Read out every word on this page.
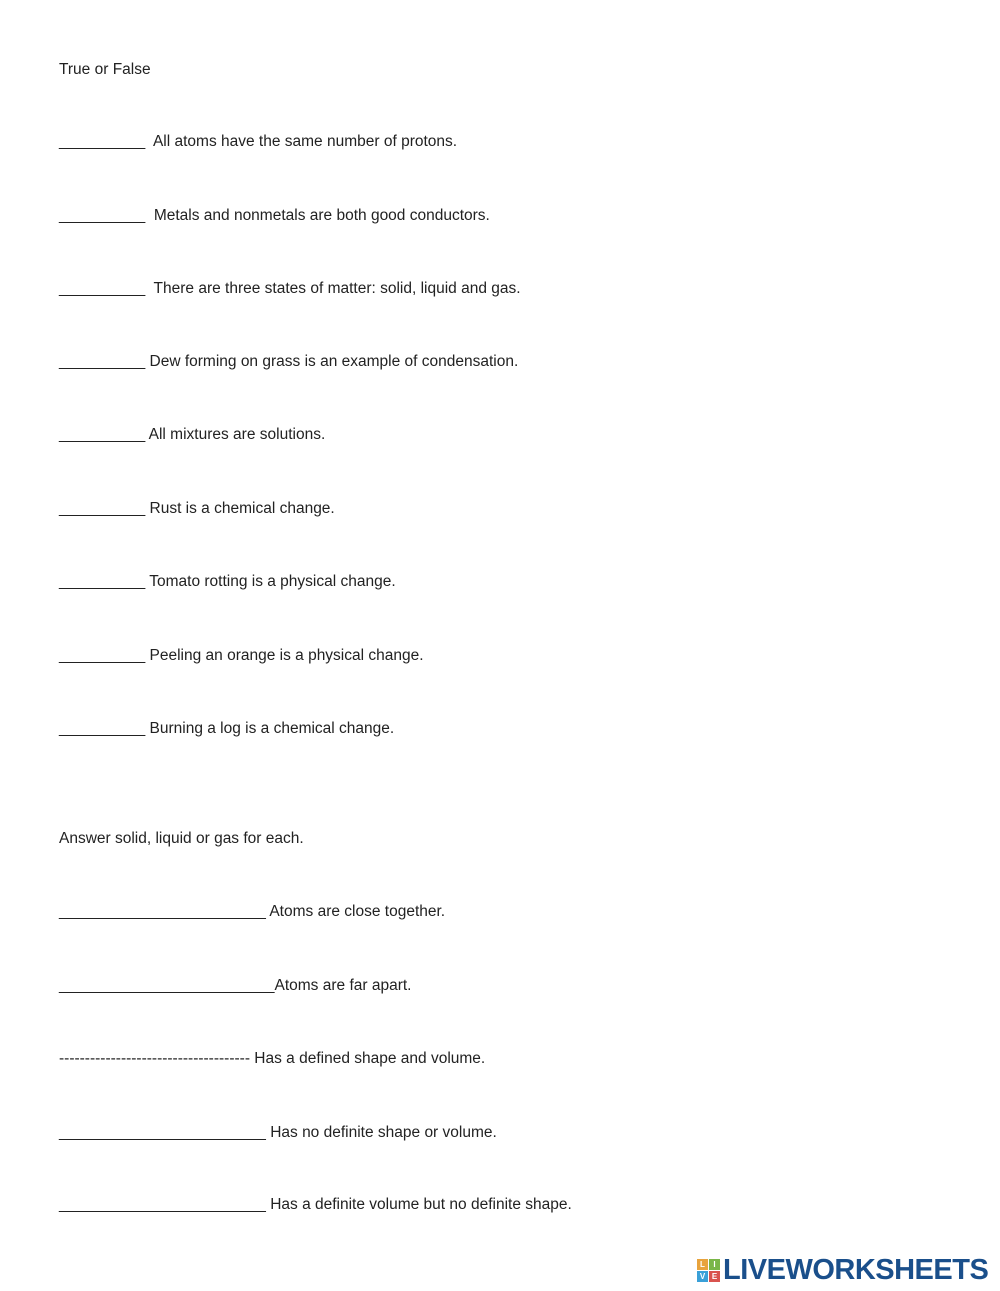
True or False
__________  All atoms have the same number of protons.
__________  Metals and nonmetals are both good conductors.
__________  There are three states of matter: solid, liquid and gas.
__________ Dew forming on grass is an example of condensation.
__________ All mixtures are solutions.
__________ Rust is a chemical change.
__________ Tomato rotting is a physical change.
__________ Peeling an orange is a physical change.
__________ Burning a log is a chemical change.
Answer solid, liquid or gas for each.
________________________ Atoms are close together.
_________________________Atoms are far apart.
------------------------------------- Has a defined shape and volume.
________________________ Has no definite shape or volume.
________________________ Has a definite volume but no definite shape.
L	I
V E LIVEWORKSHEETS
